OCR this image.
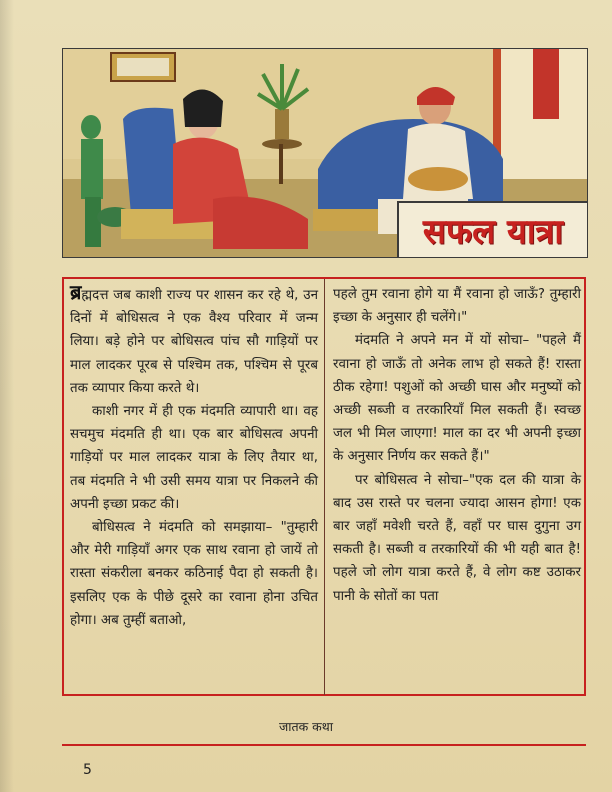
सफल यात्रा

ब्रह्मदत्त जब काशी राज्य पर शासन कर रहे थे, उन दिनों में बोधिसत्व ने एक वैश्य परिवार में जन्म लिया। बड़े होने पर बोधिसत्व पांच सौ गाड़ियों पर माल लादकर पूरब से पश्चिम तक, पश्चिम से पूरब तक व्यापार किया करते थे।

काशी नगर में ही एक मंदमति व्यापारी था। वह सचमुच मंदमति ही था। एक बार बोधिसत्व अपनी गाड़ियों पर माल लादकर यात्रा के लिए तैयार था, तब मंदमति ने भी उसी समय यात्रा पर निकलने की अपनी इच्छा प्रकट की।

बोधिसत्व ने मंदमति को समझाया– "तुम्हारी और मेरी गाड़ियाँ अगर एक साथ रवाना हो जायें तो रास्ता संकरीला बनकर कठिनाई पैदा हो सकती है। इसलिए एक के पीछे दूसरे का रवाना होना उचित होगा। अब तुम्हीं बताओ,

पहले तुम रवाना होगे या मैं रवाना हो जाऊँ? तुम्हारी इच्छा के अनुसार ही चलेंगे।"

मंदमति ने अपने मन में यों सोचा– "पहले मैं रवाना हो जाऊँ तो अनेक लाभ हो सकते हैं! रास्ता ठीक रहेगा! पशुओं को अच्छी घास और मनुष्यों को अच्छी सब्जी व तरकारियाँ मिल सकती हैं। स्वच्छ जल भी मिल जाएगा! माल का दर भी अपनी इच्छा के अनुसार निर्णय कर सकते हैं।"

पर बोधिसत्व ने सोचा–"एक दल की यात्रा के बाद उस रास्ते पर चलना ज्यादा आसन होगा! एक बार जहाँ मवेशी चरते हैं, वहाँ पर घास दुगुना उग सकती है। सब्जी व तरकारियों की भी यही बात है! पहले जो लोग यात्रा करते हैं, वे लोग कष्ट उठाकर पानी के सोतों का पता

जातक कथा
5
